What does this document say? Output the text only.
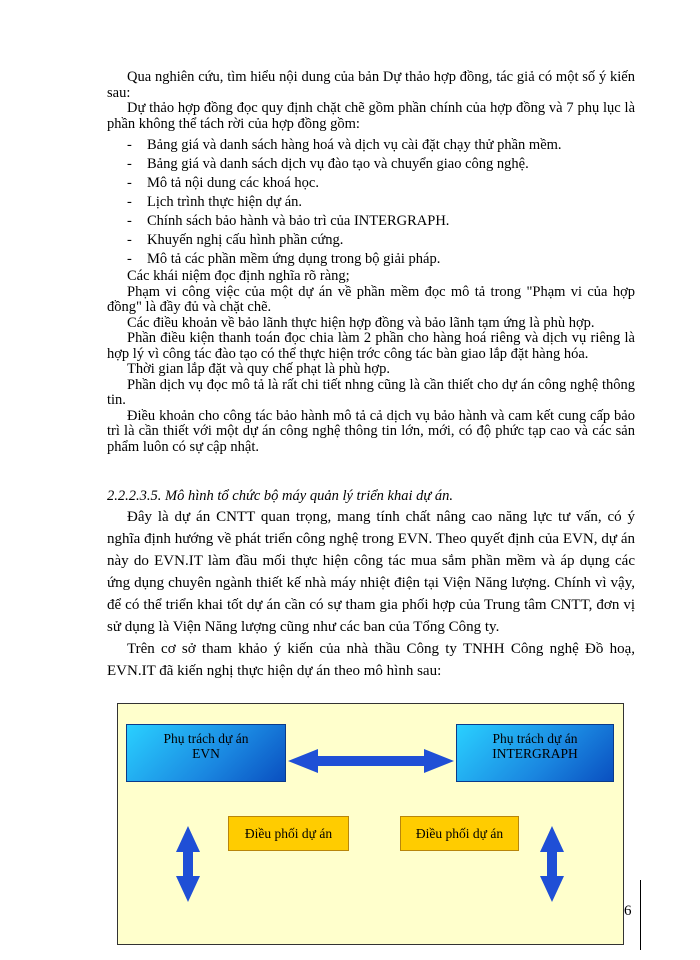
Qua nghiên cứu, tìm hiểu nội dung của bản Dự thảo hợp đồng, tác giả có một số ý kiến sau:

Dự thảo hợp đồng đọc quy định chặt chẽ gồm phần chính của hợp đồng và 7 phụ lục là phần không thể tách rời của hợp đồng gồm:

- Bảng giá và danh sách hàng hoá và dịch vụ cài đặt chạy thử phần mềm.
- Bảng giá và danh sách dịch vụ đào tạo và chuyển giao công nghệ.
- Mô tả nội dung các khoá học.
- Lịch trình thực hiện dự án.
- Chính sách bảo hành và bảo trì của INTERGRAPH.
- Khuyến nghị cấu hình phần cứng.
- Mô tả các phần mềm ứng dụng trong bộ giải pháp.

Các khái niệm đọc định nghĩa rõ ràng;

Phạm vi công việc của một dự án về phần mềm đọc mô tả trong "Phạm vi của hợp đồng" là đầy đủ và chặt chẽ.

Các điều khoản về bảo lãnh thực hiện hợp đồng và bảo lãnh tạm ứng là phù hợp.

Phần điều kiện thanh toán đọc chia làm 2 phần cho hàng hoá riêng và dịch vụ riêng là hợp lý vì công tác đào tạo có thể thực hiện trớc công tác bàn giao lắp đặt hàng hóa.

Thời gian lắp đặt và quy chế phạt là phù hợp.

Phần dịch vụ đọc mô tả là rất chi tiết nhng cũng là cần thiết cho dự án công nghệ thông tin.

Điều khoản cho công tác bảo hành mô tả cả dịch vụ bảo hành và cam kết cung cấp bảo trì là cần thiết với một dự án công nghệ thông tin lớn, mới, có độ phức tạp cao và các sản phẩm luôn có sự cập nhật.

2.2.2.3.5. Mô hình tổ chức bộ máy quản lý triển khai dự án.

Đây là dự án CNTT quan trọng, mang tính chất nâng cao năng lực tư vấn, có ý nghĩa định hướng về phát triển công nghệ trong EVN. Theo quyết định của EVN, dự án này do EVN.IT làm đầu mối thực hiện công tác mua sắm phần mềm và áp dụng các ứng dụng chuyên ngành thiết kế nhà máy nhiệt điện tại Viện Năng lượng. Chính vì vậy, để có thể triển khai tốt dự án cần có sự tham gia phối hợp của Trung tâm CNTT, đơn vị sử dụng là Viện Năng lượng cũng như các ban của Tổng Công ty.

Trên cơ sở tham khảo ý kiến của nhà thầu Công ty TNHH Công nghệ Đồ hoạ, EVN.IT đã kiến nghị thực hiện dự án theo mô hình sau:

Phụ trách dự án
EVN
Phụ trách dự án
INTERGRAPH
Điều phối dự án	Điều phối dự án
6
